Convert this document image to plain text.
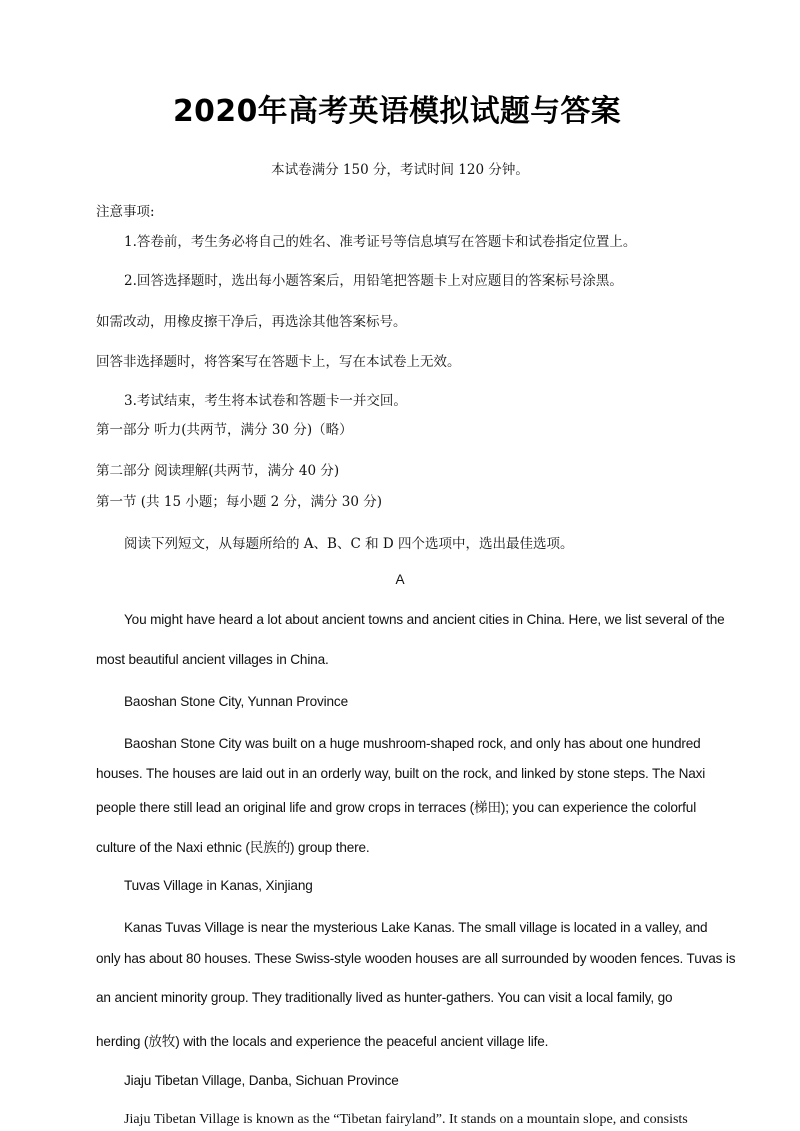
2020年高考英语模拟试题与答案

本试卷满分 150 分，考试时间 120 分钟。

注意事项:

1.答卷前，考生务必将自己的姓名、准考证号等信息填写在答题卡和试卷指定位置上。

2.回答选择题时，选出每小题答案后，用铅笔把答题卡上对应题目的答案标号涂黑。

如需改动，用橡皮擦干净后，再选涂其他答案标号。

回答非选择题时，将答案写在答题卡上，写在本试卷上无效。

3.考试结束，考生将本试卷和答题卡一并交回。

第一部分 听力(共两节，满分 30 分)（略）

第二部分 阅读理解(共两节，满分 40 分)

第一节 (共 15 小题；每小题 2 分，满分 30 分)

阅读下列短文，从每题所给的 A、B、C 和 D 四个选项中，选出最佳选项。

A

You might have heard a lot about ancient towns and ancient cities in China. Here, we list several of the

most beautiful ancient villages in China.

Baoshan Stone City, Yunnan Province

Baoshan Stone City was built on a huge mushroom-shaped rock, and only has about one hundred

houses. The houses are laid out in an orderly way, built on the rock, and linked by stone steps. The Naxi

people there still lead an original life and grow crops in terraces (梯田); you can experience the colorful

culture of the Naxi ethnic (民族的) group there.

Tuvas Village in Kanas, Xinjiang

Kanas Tuvas Village is near the mysterious Lake Kanas. The small village is located in a valley, and

only has about 80 houses. These Swiss-style wooden houses are all surrounded by wooden fences. Tuvas is

an ancient minority group. They traditionally lived as hunter-gathers. You can visit a local family, go

herding (放牧) with the locals and experience the peaceful ancient village life.

Jiaju Tibetan Village, Danba, Sichuan Province

Jiaju Tibetan Village is known as the “Tibetan fairyland”. It stands on a mountain slope, and consists
